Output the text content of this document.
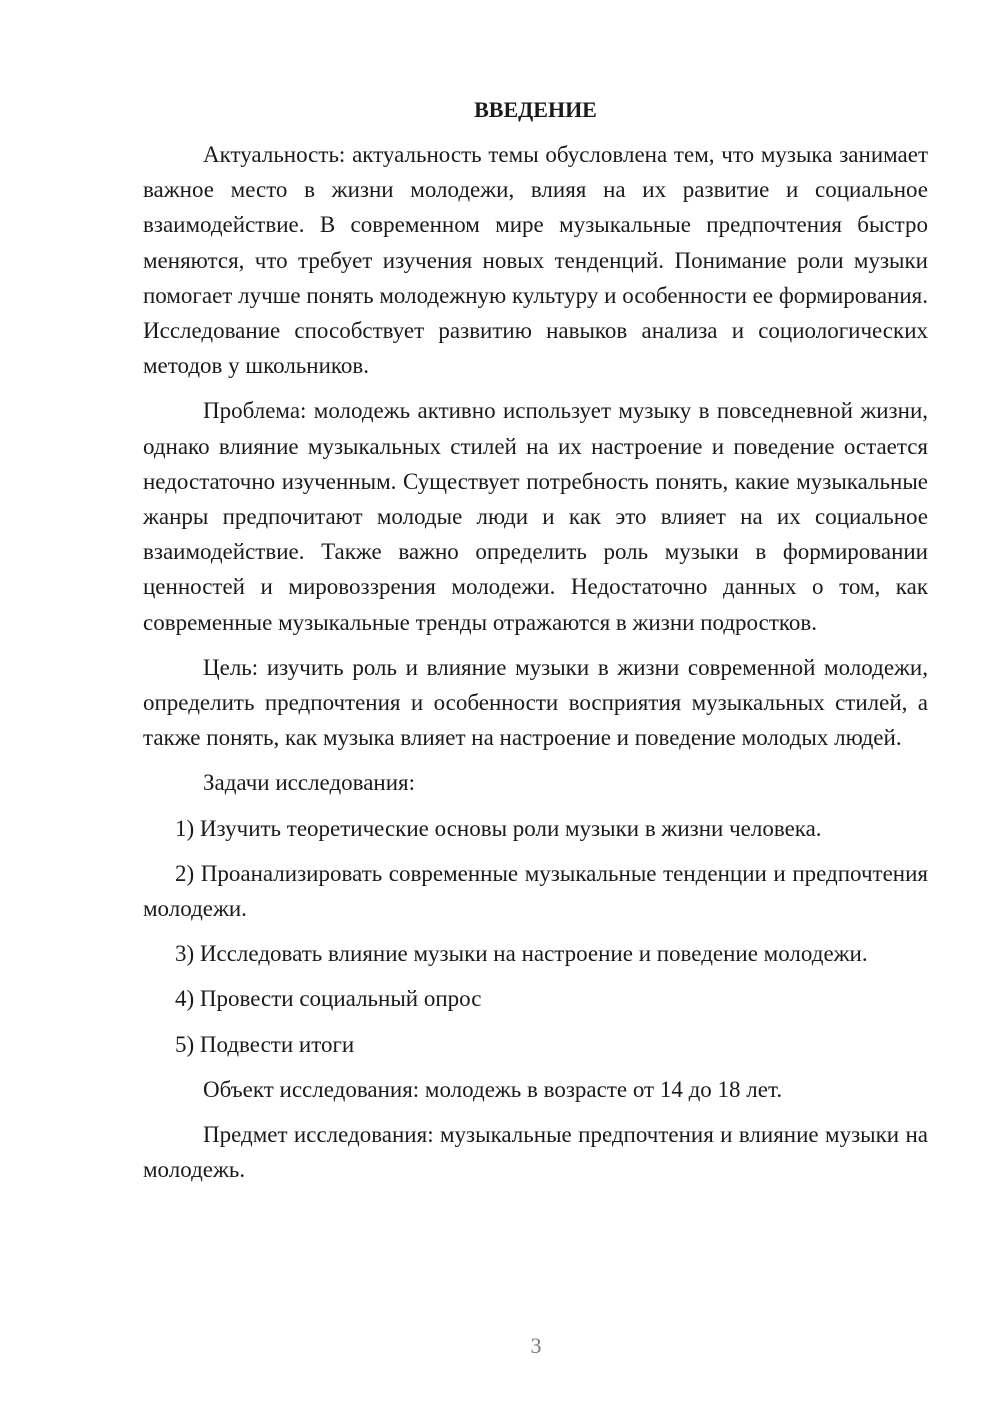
ВВЕДЕНИЕ

Актуальность: актуальность темы обусловлена тем, что музыка занимает важное место в жизни молодежи, влияя на их развитие и социальное взаимодействие. В современном мире музыкальные предпочтения быстро меняются, что требует изучения новых тенденций. Понимание роли музыки помогает лучше понять молодежную культуру и особенности ее формирования. Исследование способствует развитию навыков анализа и социологических методов у школьников.

Проблема: молодежь активно использует музыку в повседневной жизни, однако влияние музыкальных стилей на их настроение и поведение остается недостаточно изученным. Существует потребность понять, какие музыкальные жанры предпочитают молодые люди и как это влияет на их социальное взаимодействие. Также важно определить роль музыки в формировании ценностей и мировоззрения молодежи. Недостаточно данных о том, как современные музыкальные тренды отражаются в жизни подростков.

Цель: изучить роль и влияние музыки в жизни современной молодежи, определить предпочтения и особенности восприятия музыкальных стилей, а также понять, как музыка влияет на настроение и поведение молодых людей.

Задачи исследования:

1) Изучить теоретические основы роли музыки в жизни человека.

2) Проанализировать современные музыкальные тенденции и предпочтения молодежи.

3) Исследовать влияние музыки на настроение и поведение молодежи.

4) Провести социальный опрос

5) Подвести итоги

Объект исследования: молодежь в возрасте от 14 до 18 лет.

Предмет исследования: музыкальные предпочтения и влияние музыки на молодежь.

3
